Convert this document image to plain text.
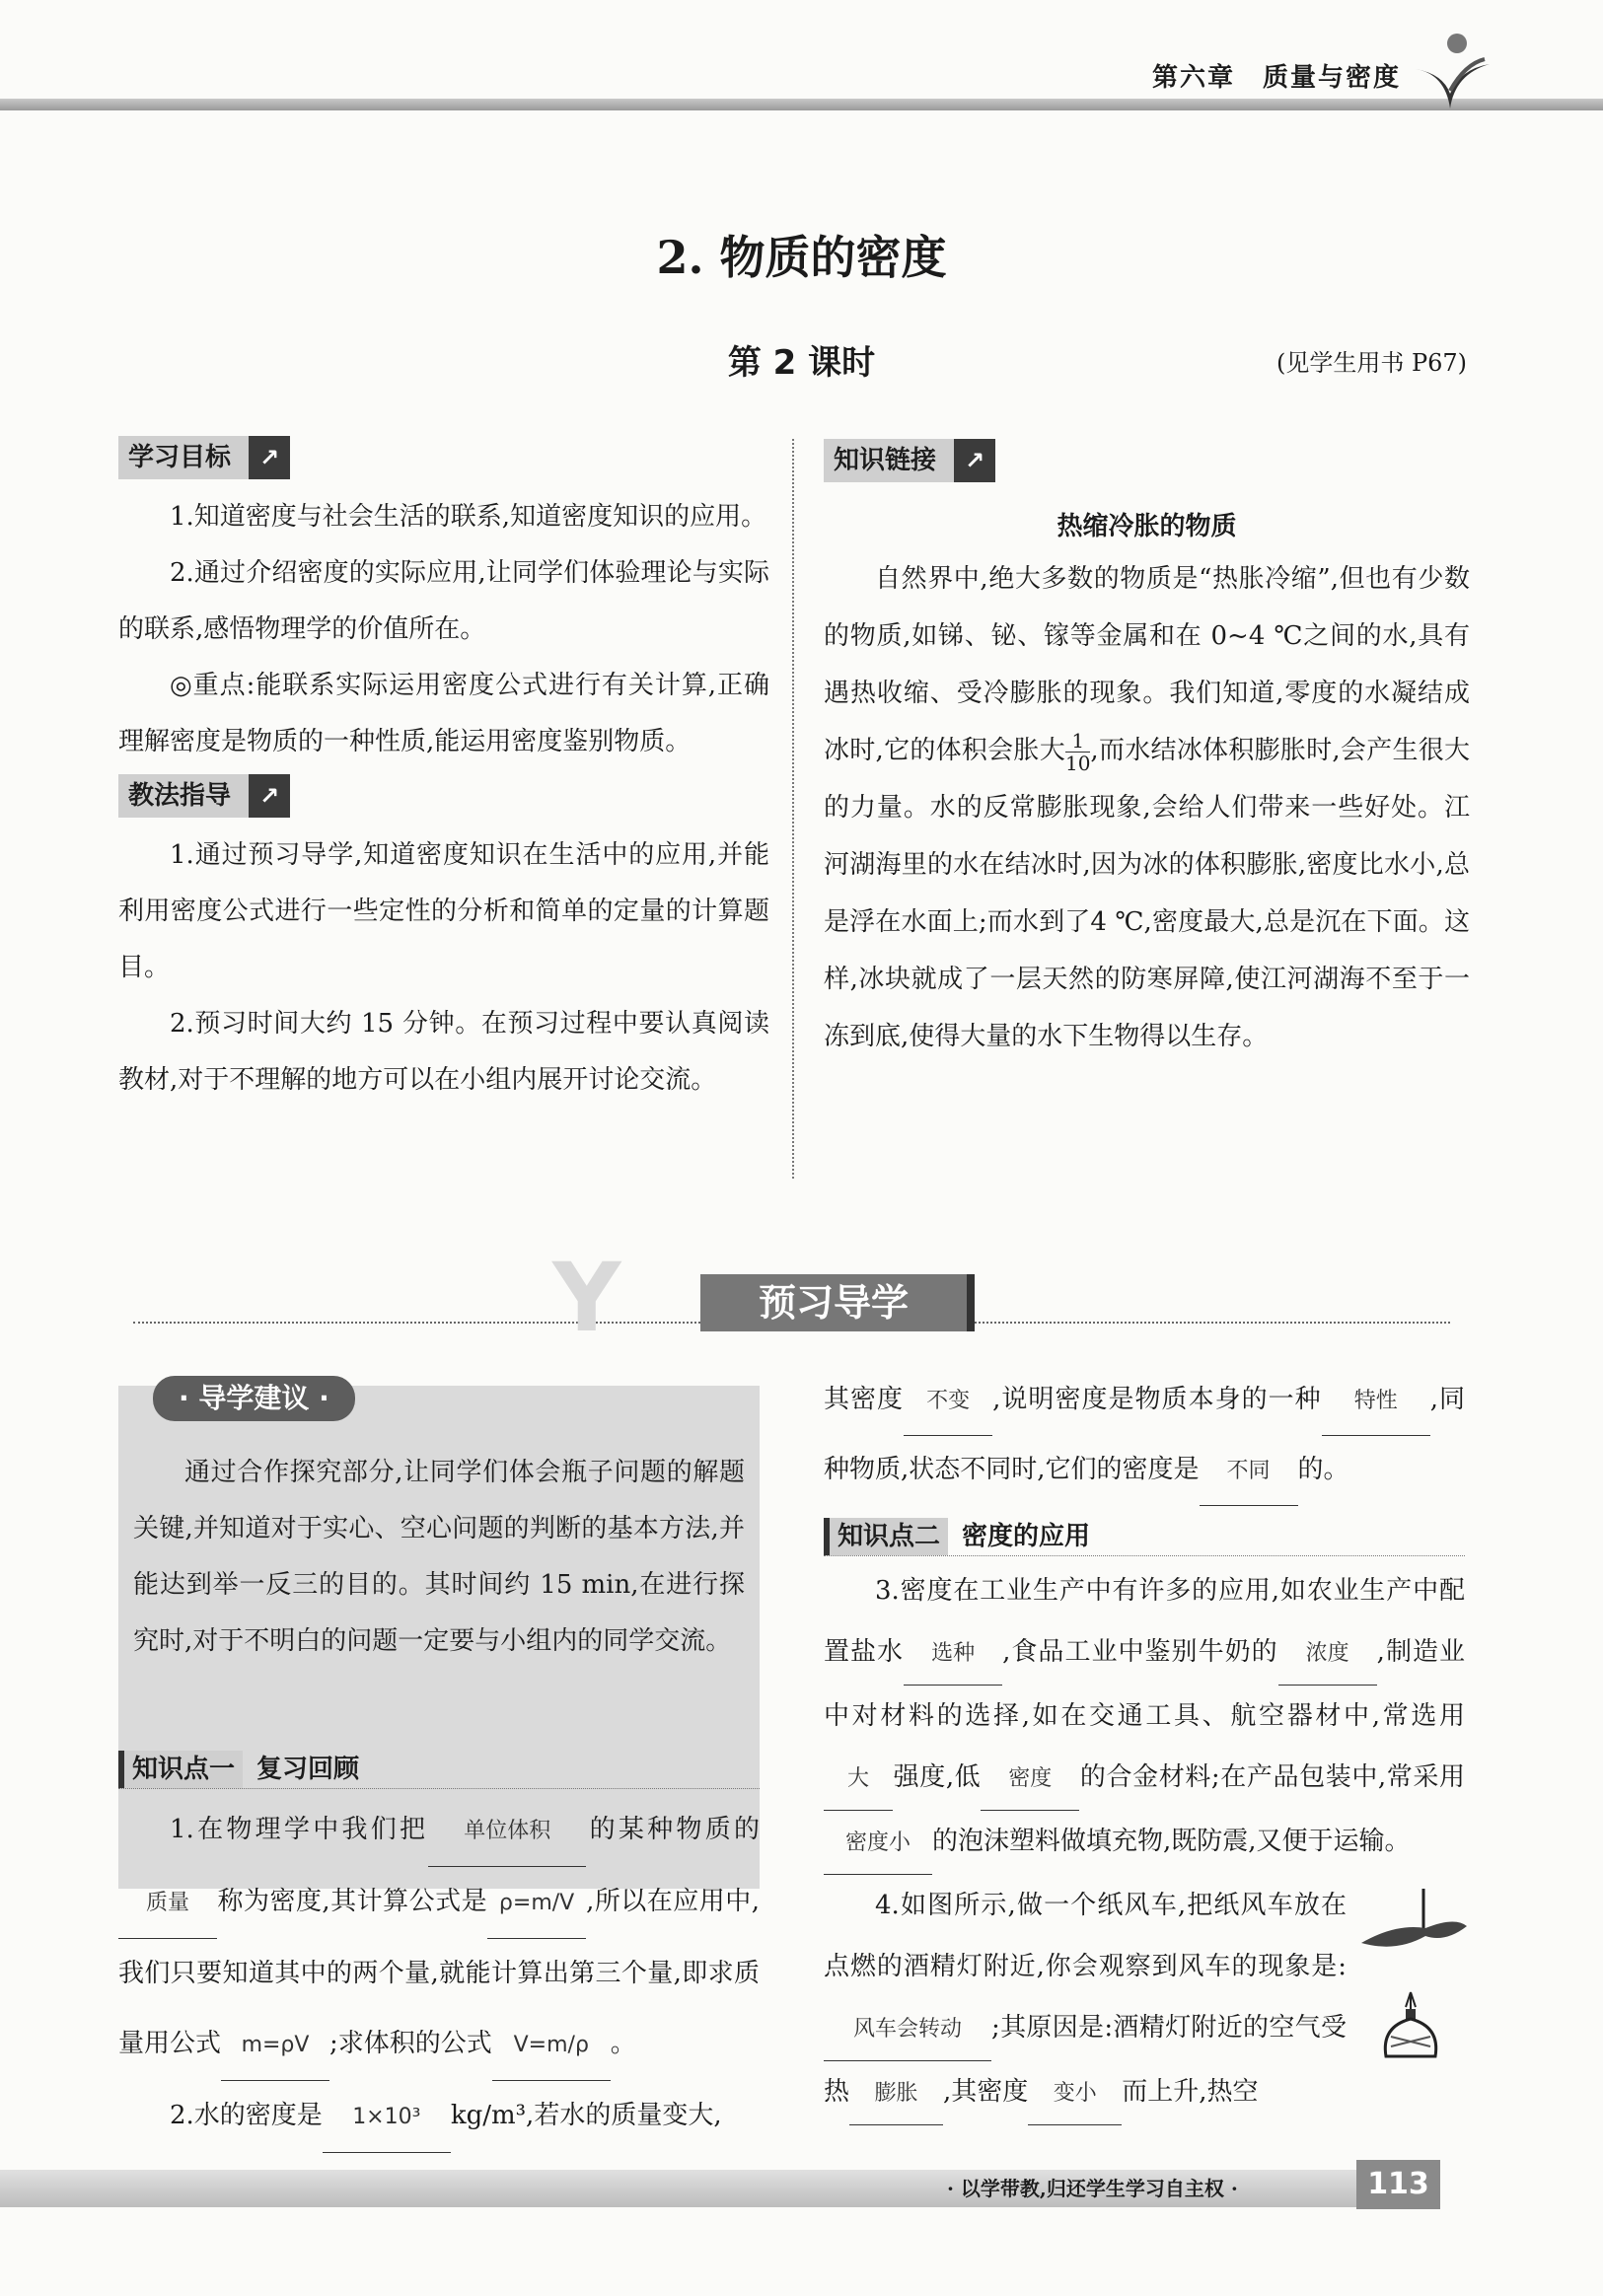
第六章　质量与密度
2. 物质的密度
第 2 课时	(见学生用书 P67)
学习目标	↗

1.知道密度与社会生活的联系,知道密度知识的应用。

2.通过介绍密度的实际应用,让同学们体验理论与实际的联系,感悟物理学的价值所在。

◎重点:能联系实际运用密度公式进行有关计算,正确理解密度是物质的一种性质,能运用密度鉴别物质。

教法指导	↗

1.通过预习导学,知道密度知识在生活中的应用,并能利用密度公式进行一些定性的分析和简单的定量的计算题目。

2.预习时间大约 15 分钟。在预习过程中要认真阅读教材,对于不理解的地方可以在小组内展开讨论交流。

知识链接	↗
热缩冷胀的物质

自然界中,绝大多数的物质是“热胀冷缩”,但也有少数的物质,如锑、铋、镓等金属和在 0~4 ℃之间的水,具有遇热收缩、受冷膨胀的现象。我们知道,零度的水凝结成冰时,它的体积会胀大 $\frac{1}{10}$ ,而水结冰体积膨胀时,会产生很大的力量。水的反常膨胀现象,会给人们带来一些好处。江河湖海里的水在结冰时,因为冰的体积膨胀,密度比水小,总是浮在水面上;而水到了4 ℃,密度最大,总是沉在下面。这样,冰块就成了一层天然的防寒屏障,使江河湖海不至于一冻到底,使得大量的水下生物得以生存。

Y	预习导学
· 导学建议 ·

通过合作探究部分,让同学们体会瓶子问题的解题关键,并知道对于实心、空心问题的判断的基本方法,并能达到举一反三的目的。其时间约 15 min,在进行探究时,对于不明白的问题一定要与小组内的同学交流。

知识点一 复习回顾

1.在物理学中我们把 单位体积 的某种物质的质量 称为密度,其计算公式是 ρ=m/V ,所以在应用中,我们只要知道其中的两个量,就能计算出第三个量,即求质量用公式 m=ρV ;求体积的公式 V=m/ρ 。

2.水的密度是 1×10³ kg/m³,若水的质量变大,

其密度 不变 ,说明密度是物质本身的一种 特性 ,同种物质,状态不同时,它们的密度是 不同 的。

知识点二 密度的应用

3.密度在工业生产中有许多的应用,如农业生产中配置盐水 选种 ,食品工业中鉴别牛奶的 浓度 ,制造业中对材料的选择,如在交通工具、航空器材中,常选用大 强度,低 密度 的合金材料;在产品包装中,常采用密度小 的泡沫塑料做填充物,既防震,又便于运输。

4.如图所示,做一个纸风车,把纸风车放在点燃的酒精灯附近,你会观察到风车的现象是:风车会转动 ;其原因是:酒精灯附近的空气受热 膨胀 ,其密度 变小 而上升,热空

· 以学带教,归还学生学习自主权 ·	113
